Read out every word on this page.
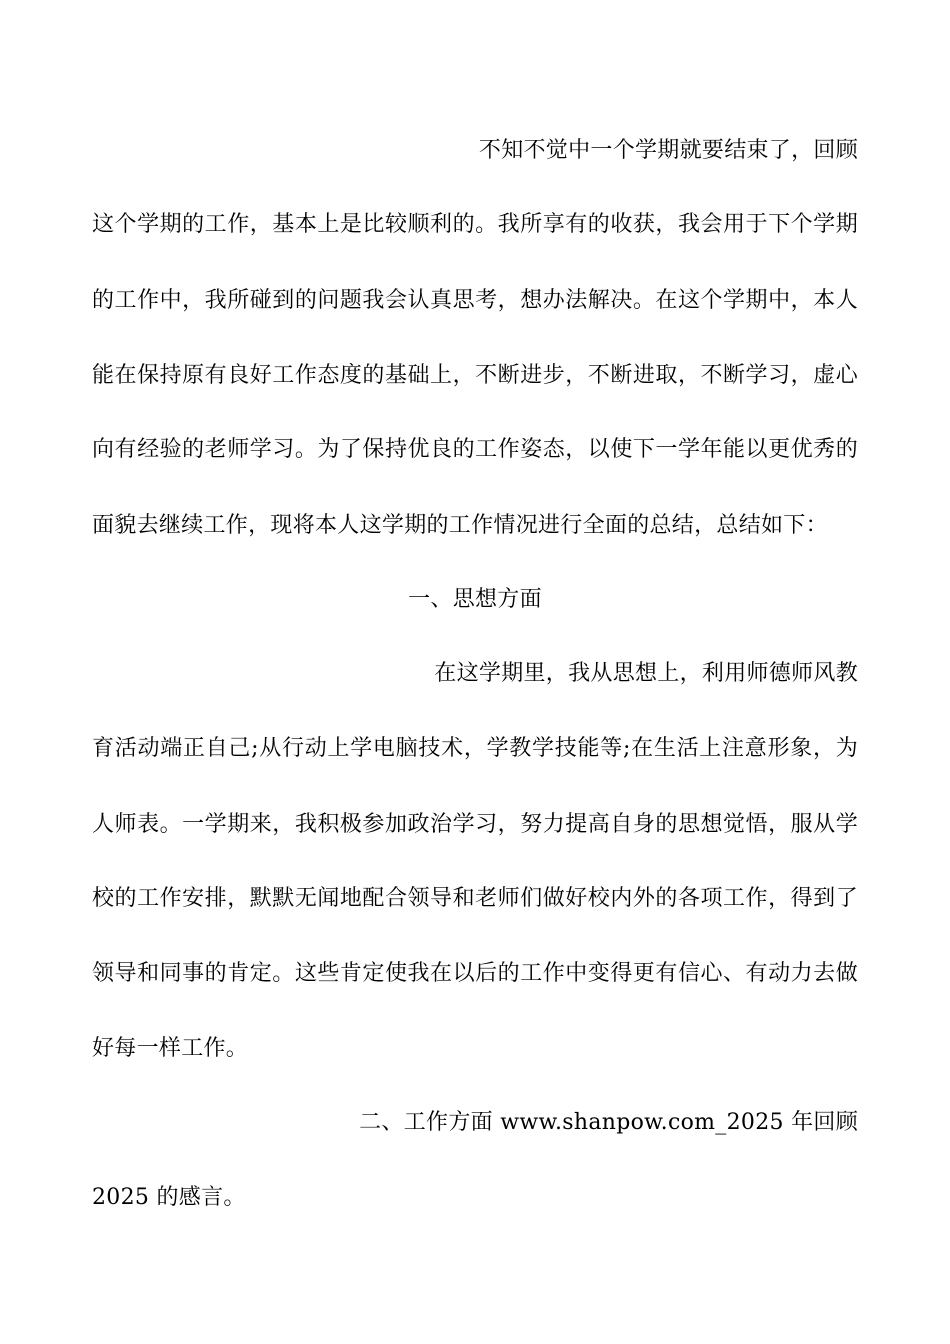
不知不觉中一个学期就要结束了，回顾
这个学期的工作，基本上是比较顺利的。我所享有的收获，我会用于下个学期
的工作中，我所碰到的问题我会认真思考，想办法解决。在这个学期中，本人
能在保持原有良好工作态度的基础上，不断进步，不断进取，不断学习，虚心
向有经验的老师学习。为了保持优良的工作姿态，以使下一学年能以更优秀的
面貌去继续工作，现将本人这学期的工作情况进行全面的总结，总结如下：
一、思想方面
在这学期里，我从思想上，利用师德师风教
育活动端正自己;从行动上学电脑技术，学教学技能等;在生活上注意形象，为
人师表。一学期来，我积极参加政治学习，努力提高自身的思想觉悟，服从学
校的工作安排，默默无闻地配合领导和老师们做好校内外的各项工作，得到了
领导和同事的肯定。这些肯定使我在以后的工作中变得更有信心、有动力去做
好每一样工作。
二、工作方面 www.shanpow.com_2025 年回顾
2025 的感言。
